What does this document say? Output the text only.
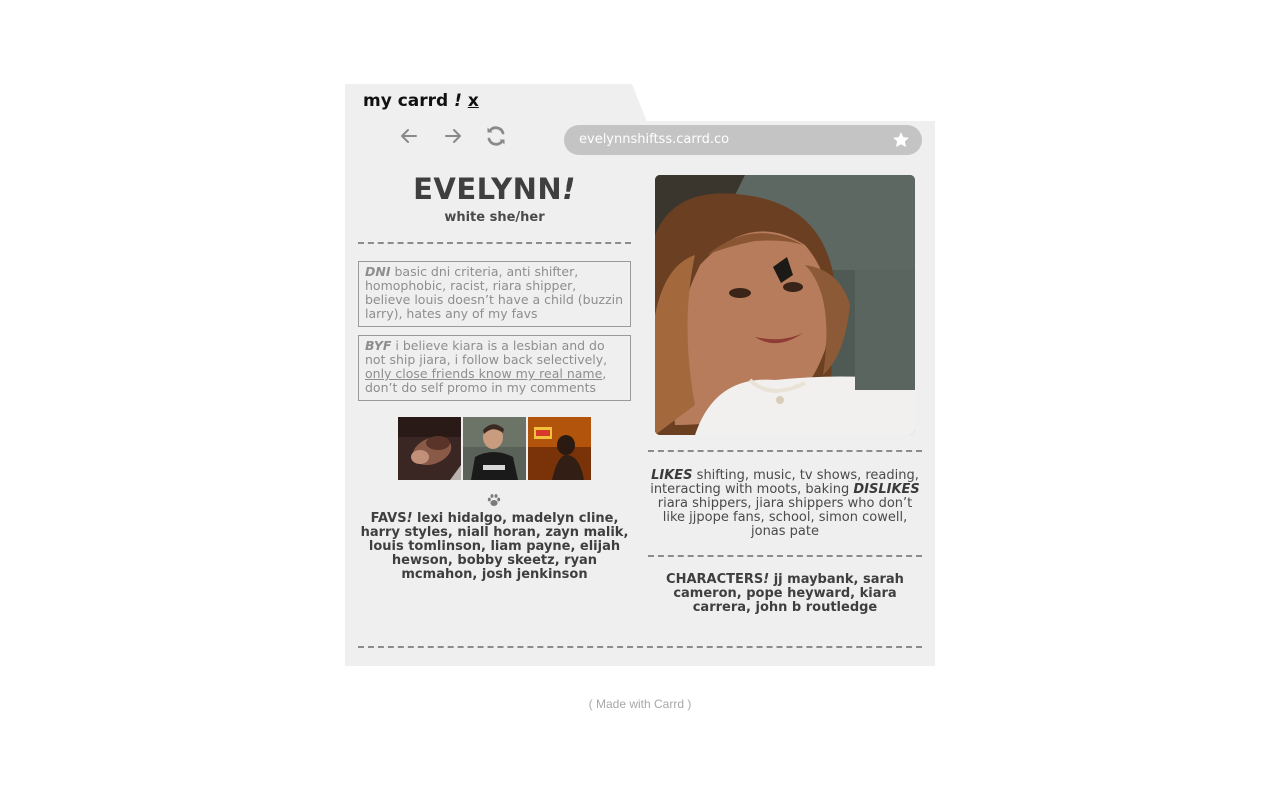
my carrd ! x
evelynnshiftss.carrd.co
EVELYNN!
white she/her
DNI basic dni criteria, anti shifter, homophobic, racist, riara shipper, believe louis doesn’t have a child (buzzin larry), hates any of my favs
BYF i believe kiara is a lesbian and do not ship jiara, i follow back selectively, only close friends know my real name, don’t do self promo in my comments
FAVS! lexi hidalgo, madelyn cline, harry styles, niall horan, zayn malik, louis tomlinson, liam payne, elijah hewson, bobby skeetz, ryan mcmahon, josh jenkinson
LIKES shifting, music, tv shows, reading, interacting with moots, baking DISLIKES riara shippers, jiara shippers who don’t like jjpope fans, school, simon cowell, jonas pate
CHARACTERS! jj maybank, sarah cameron, pope heyward, kiara carrera, john b routledge
( Made with Carrd )
